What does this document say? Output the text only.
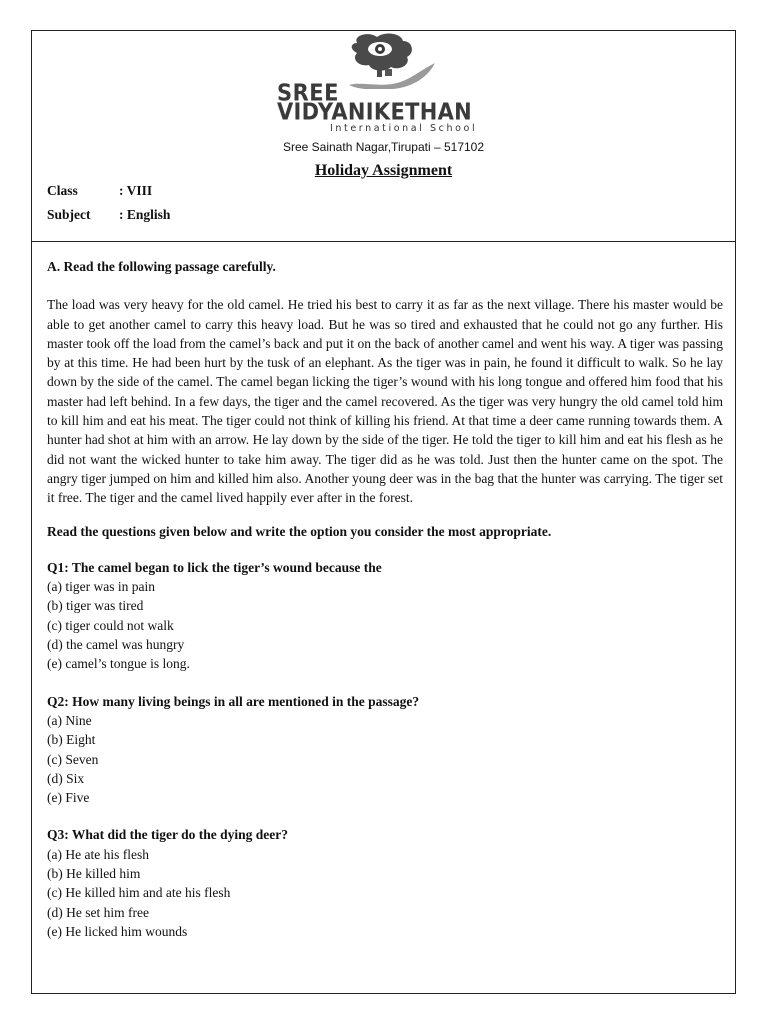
SREE
VIDYANIKETHAN
International School
Sree Sainath Nagar,Tirupati – 517102
Holiday Assignment
Class	: VIII
Subject : English

A. Read the following passage carefully.

The load was very heavy for the old camel. He tried his best to carry it as far as the next village. There his master would be able to get another camel to carry this heavy load. But he was so tired and exhausted that he could not go any further. His master took off the load from the camel’s back and put it on the back of another camel and went his way. A tiger was passing by at this time. He had been hurt by the tusk of an elephant. As the tiger was in pain, he found it difficult to walk. So he lay down by the side of the camel. The camel began licking the tiger’s wound with his long tongue and offered him food that his master had left behind. In a few days, the tiger and the camel recovered. As the tiger was very hungry the old camel told him to kill him and eat his meat. The tiger could not think of killing his friend. At that time a deer came running towards them. A hunter had shot at him with an arrow. He lay down by the side of the tiger. He told the tiger to kill him and eat his flesh as he did not want the wicked hunter to take him away. The tiger did as he was told. Just then the hunter came on the spot. The angry tiger jumped on him and killed him also. Another young deer was in the bag that the hunter was carrying. The tiger set it free. The tiger and the camel lived happily ever after in the forest.

Read the questions given below and write the option you consider the most appropriate.

Q1: The camel began to lick the tiger’s wound because the
(a) tiger was in pain
(b) tiger was tired
(c) tiger could not walk
(d) the camel was hungry
(e) camel’s tongue is long.
Q2: How many living beings in all are mentioned in the passage?
(a) Nine
(b) Eight
(c) Seven
(d) Six
(e) Five
Q3: What did the tiger do the dying deer?
(a) He ate his flesh
(b) He killed him
(c) He killed him and ate his flesh
(d) He set him free
(e) He licked him wounds
